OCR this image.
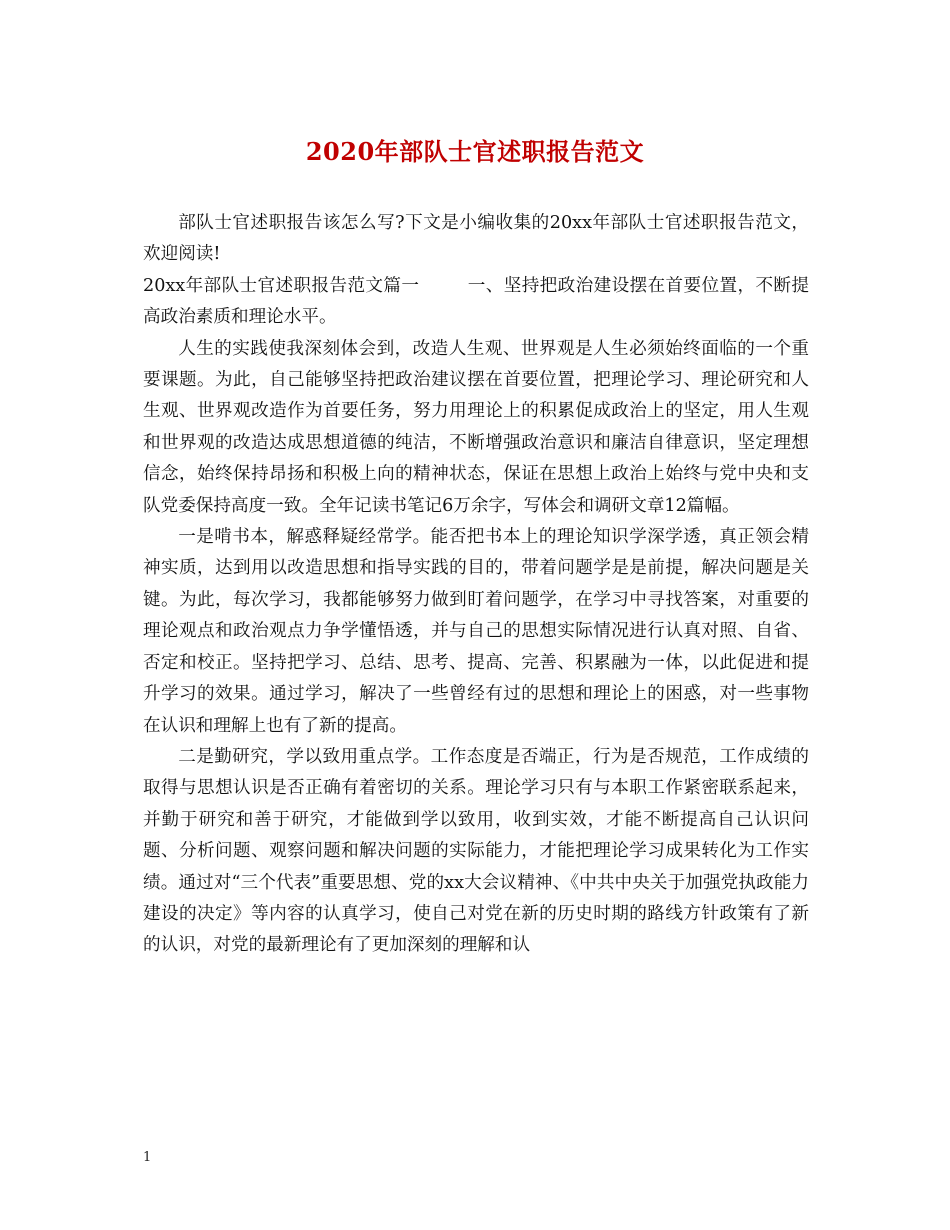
2020年部队士官述职报告范文

部队士官述职报告该怎么写?下文是小编收集的20xx年部队士官述职报告范文，欢迎阅读!

20xx年部队士官述职报告范文篇一	一、坚持把政治建设摆在首要位置，不断提高政治素质和理论水平。

人生的实践使我深刻体会到，改造人生观、世界观是人生必须始终面临的一个重要课题。为此，自己能够坚持把政治建议摆在首要位置，把理论学习、理论研究和人生观、世界观改造作为首要任务，努力用理论上的积累促成政治上的坚定，用人生观和世界观的改造达成思想道德的纯洁，不断增强政治意识和廉洁自律意识，坚定理想信念，始终保持昂扬和积极上向的精神状态，保证在思想上政治上始终与党中央和支队党委保持高度一致。全年记读书笔记6万余字，写体会和调研文章12篇幅。

一是啃书本，解惑释疑经常学。能否把书本上的理论知识学深学透，真正领会精神实质，达到用以改造思想和指导实践的目的，带着问题学是是前提，解决问题是关键。为此，每次学习，我都能够努力做到盯着问题学，在学习中寻找答案，对重要的理论观点和政治观点力争学懂悟透，并与自己的思想实际情况进行认真对照、自省、否定和校正。坚持把学习、总结、思考、提高、完善、积累融为一体，以此促进和提升学习的效果。通过学习，解决了一些曾经有过的思想和理论上的困惑，对一些事物在认识和理解上也有了新的提高。

二是勤研究，学以致用重点学。工作态度是否端正，行为是否规范，工作成绩的取得与思想认识是否正确有着密切的关系。理论学习只有与本职工作紧密联系起来，并勤于研究和善于研究，才能做到学以致用，收到实效，才能不断提高自己认识问题、分析问题、观察问题和解决问题的实际能力，才能把理论学习成果转化为工作实绩。通过对“三个代表”重要思想、党的xx大会议精神、《中共中央关于加强党执政能力建设的决定》等内容的认真学习，使自己对党在新的历史时期的路线方针政策有了新的认识，对党的最新理论有了更加深刻的理解和认

1
